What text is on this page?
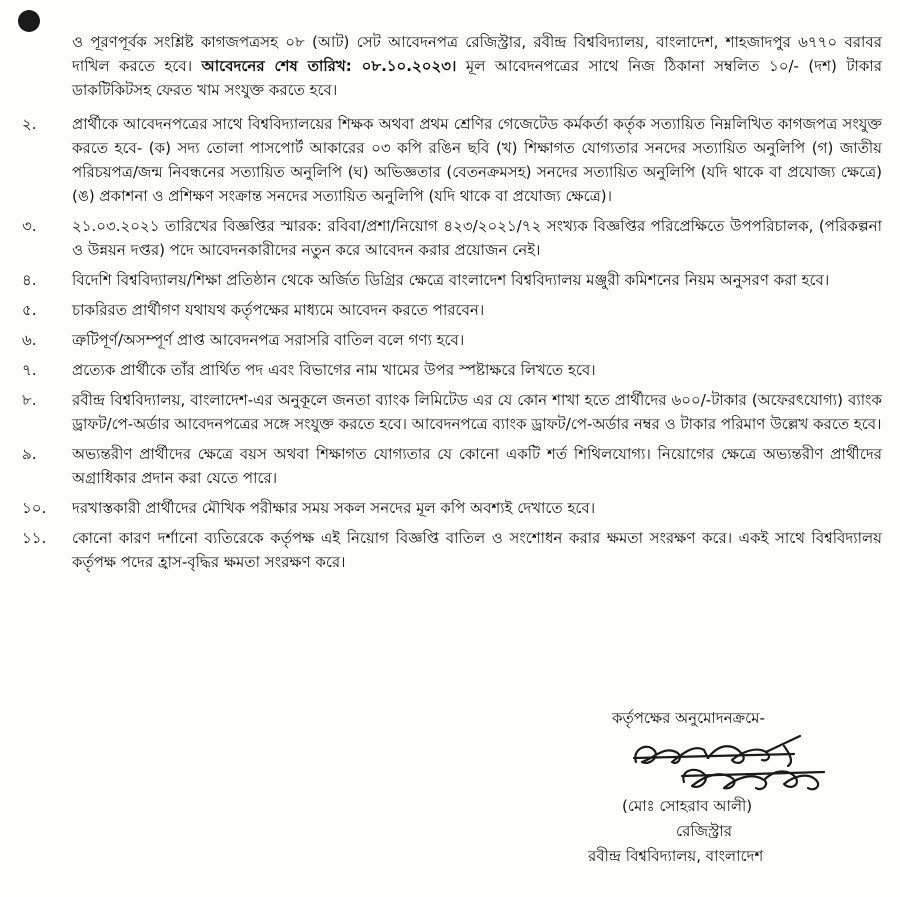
ও পূরণপূর্বক সংশ্লিষ্ট কাগজপত্রসহ ০৮ (আট) সেট আবেদনপত্র রেজিস্ট্রার, রবীন্দ্র বিশ্ববিদ্যালয়, বাংলাদেশ, শাহজাদপুর ৬৭৭০ বরাবর দাখিল করতে হবে। আবেদনের শেষ তারিখ: ০৮.১০.২০২৩। মূল আবেদনপত্রের সাথে নিজ ঠিকানা সম্বলিত ১০/- (দশ) টাকার ডাকটিকিটসহ ফেরত খাম সংযুক্ত করতে হবে।

২.	প্রার্থীকে আবেদনপত্রের সাথে বিশ্ববিদ্যালয়ের শিক্ষক অথবা প্রথম শ্রেণির গেজেটেড কর্মকর্তা কর্তৃক সত্যায়িত নিম্নলিখিত কাগজপত্র সংযুক্ত করতে হবে- (ক) সদ্য তোলা পাসপোর্ট আকারের ০৩ কপি রঙিন ছবি (খ) শিক্ষাগত যোগ্যতার সনদের সত্যায়িত অনুলিপি (গ) জাতীয় পরিচয়পত্র/জন্ম নিবন্ধনের সত্যায়িত অনুলিপি (ঘ) অভিজ্ঞতার (বেতনক্রমসহ) সনদের সত্যায়িত অনুলিপি (যদি থাকে বা প্রযোজ্য ক্ষেত্রে) (ঙ) প্রকাশনা ও প্রশিক্ষণ সংক্রান্ত সনদের সত্যায়িত অনুলিপি (যদি থাকে বা প্রযোজ্য ক্ষেত্রে)।
৩.	২১.০৩.২০২১ তারিখের বিজ্ঞপ্তির স্মারক: রবিবা/প্রশা/নিয়োগ ৪২৩/২০২১/৭২ সংখ্যক বিজ্ঞপ্তির পরিপ্রেক্ষিতে উপপরিচালক, (পরিকল্পনা ও উন্নয়ন দপ্তর) পদে আবেদনকারীদের নতুন করে আবেদন করার প্রয়োজন নেই।
৪.	বিদেশি বিশ্ববিদ্যালয়/শিক্ষা প্রতিষ্ঠান থেকে অর্জিত ডিগ্রির ক্ষেত্রে বাংলাদেশ বিশ্ববিদ্যালয় মঞ্জুরী কমিশনের নিয়ম অনুসরণ করা হবে।
৫.	চাকরিরত প্রার্থীগণ যথাযথ কর্তৃপক্ষের মাধ্যমে আবেদন করতে পারবেন।
৬.	ত্রুটিপূর্ণ/অসম্পূর্ণ প্রাপ্ত আবেদনপত্র সরাসরি বাতিল বলে গণ্য হবে।
৭.	প্রত্যেক প্রার্থীকে তাঁর প্রার্থিত পদ এবং বিভাগের নাম খামের উপর স্পষ্টাক্ষরে লিখতে হবে।
৮.	রবীন্দ্র বিশ্ববিদ্যালয়, বাংলাদেশ-এর অনুকূলে জনতা ব্যাংক লিমিটেড এর যে কোন শাখা হতে প্রার্থীদের ৬০০/-টাকার (অফেরৎযোগ্য) ব্যাংক ড্রাফট/পে-অর্ডার আবেদনপত্রের সঙ্গে সংযুক্ত করতে হবে। আবেদনপত্রে ব্যাংক ড্রাফট/পে-অর্ডার নম্বর ও টাকার পরিমাণ উল্লেখ করতে হবে।
৯.	অভ্যন্তরীণ প্রার্থীদের ক্ষেত্রে বয়স অথবা শিক্ষাগত যোগ্যতার যে কোনো একটি শর্ত শিথিলযোগ্য। নিয়োগের ক্ষেত্রে অভ্যন্তরীণ প্রার্থীদের অগ্রাধিকার প্রদান করা যেতে পারে।
১০.	দরখাস্তকারী প্রার্থীদের মৌখিক পরীক্ষার সময় সকল সনদের মূল কপি অবশ্যই দেখাতে হবে।
১১.	কোনো কারণ দর্শানো ব্যতিরেকে কর্তৃপক্ষ এই নিয়োগ বিজ্ঞপ্তি বাতিল ও সংশোধন করার ক্ষমতা সংরক্ষণ করে। একই সাথে বিশ্ববিদ্যালয় কর্তৃপক্ষ পদের হ্রাস-বৃদ্ধির ক্ষমতা সংরক্ষণ করে।
কর্তৃপক্ষের অনুমোদনক্রমে-
(মোঃ সোহরাব আলী)
রেজিস্ট্রার
রবীন্দ্র বিশ্ববিদ্যালয়, বাংলাদেশ
